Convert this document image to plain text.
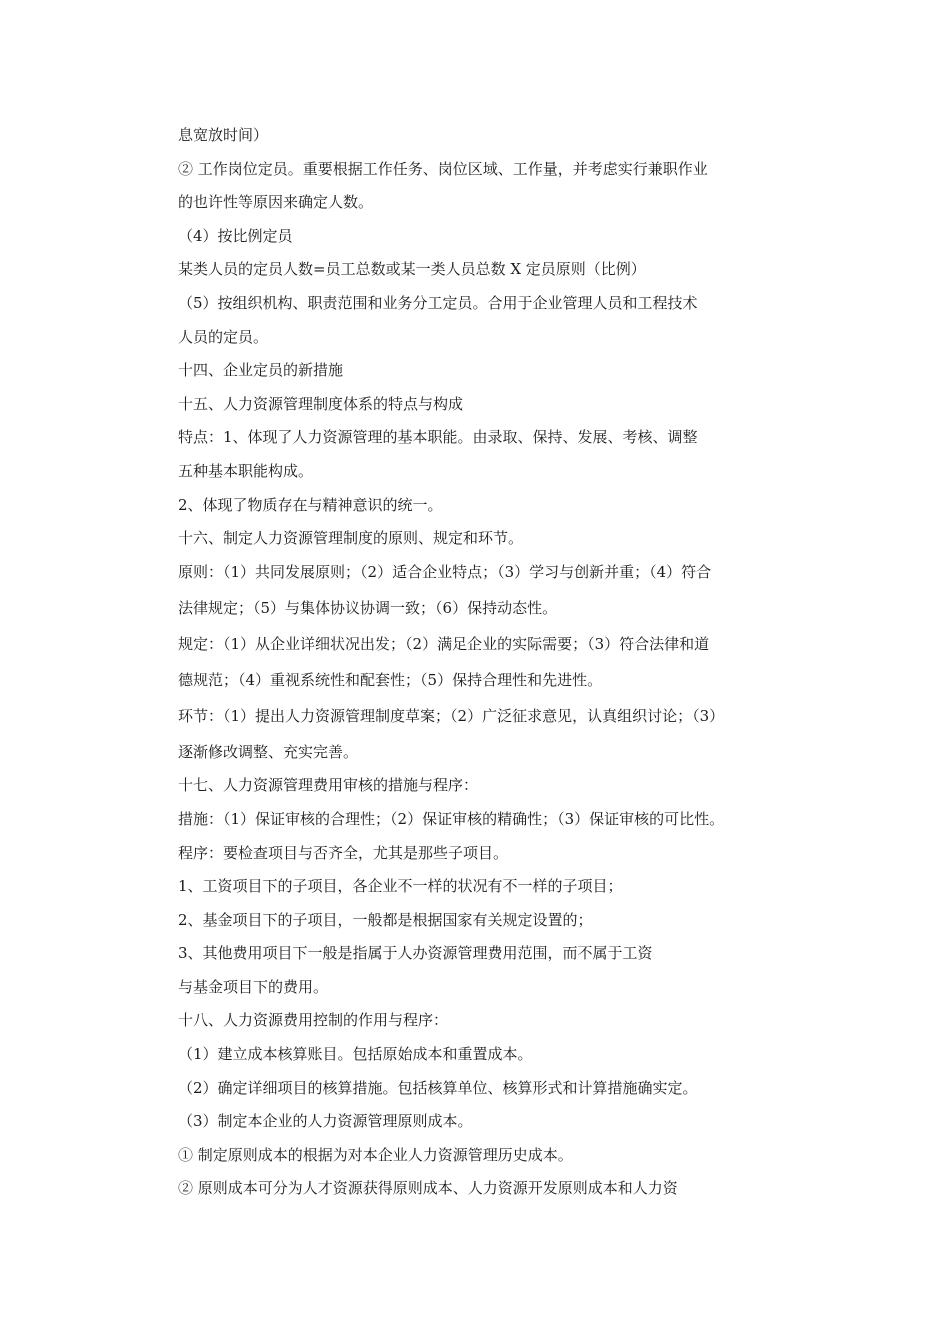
息宽放时间）
② 工作岗位定员。重要根据工作任务、岗位区域、工作量，并考虑实行兼职作业
的也许性等原因来确定人数。
（4）按比例定员
某类人员的定员人数=员工总数或某一类人员总数 X 定员原则（比例）
（5）按组织机构、职责范围和业务分工定员。合用于企业管理人员和工程技术
人员的定员。
十四、企业定员的新措施
十五、人力资源管理制度体系的特点与构成
特点：1、体现了人力资源管理的基本职能。由录取、保持、发展、考核、调整
五种基本职能构成。
2、体现了物质存在与精神意识的统一。
十六、制定人力资源管理制度的原则、规定和环节。
原则：（1）共同发展原则；（2）适合企业特点；（3）学习与创新并重；（4）符合
法律规定；（5）与集体协议协调一致；（6）保持动态性。
规定：（1）从企业详细状况出发；（2）满足企业的实际需要；（3）符合法律和道
德规范；（4）重视系统性和配套性；（5）保持合理性和先进性。
环节：（1）提出人力资源管理制度草案；（2）广泛征求意见，认真组织讨论；（3）
逐渐修改调整、充实完善。
十七、人力资源管理费用审核的措施与程序：
措施：（1）保证审核的合理性；（2）保证审核的精确性；（3）保证审核的可比性。
程序：要检查项目与否齐全，尤其是那些子项目。
1、工资项目下的子项目，各企业不一样的状况有不一样的子项目；
2、基金项目下的子项目，一般都是根据国家有关规定设置的；
3、其他费用项目下一般是指属于人办资源管理费用范围，而不属于工资
与基金项目下的费用。
十八、人力资源费用控制的作用与程序：
（1）建立成本核算账目。包括原始成本和重置成本。
（2）确定详细项目的核算措施。包括核算单位、核算形式和计算措施确实定。
（3）制定本企业的人力资源管理原则成本。
① 制定原则成本的根据为对本企业人力资源管理历史成本。
② 原则成本可分为人才资源获得原则成本、人力资源开发原则成本和人力资
